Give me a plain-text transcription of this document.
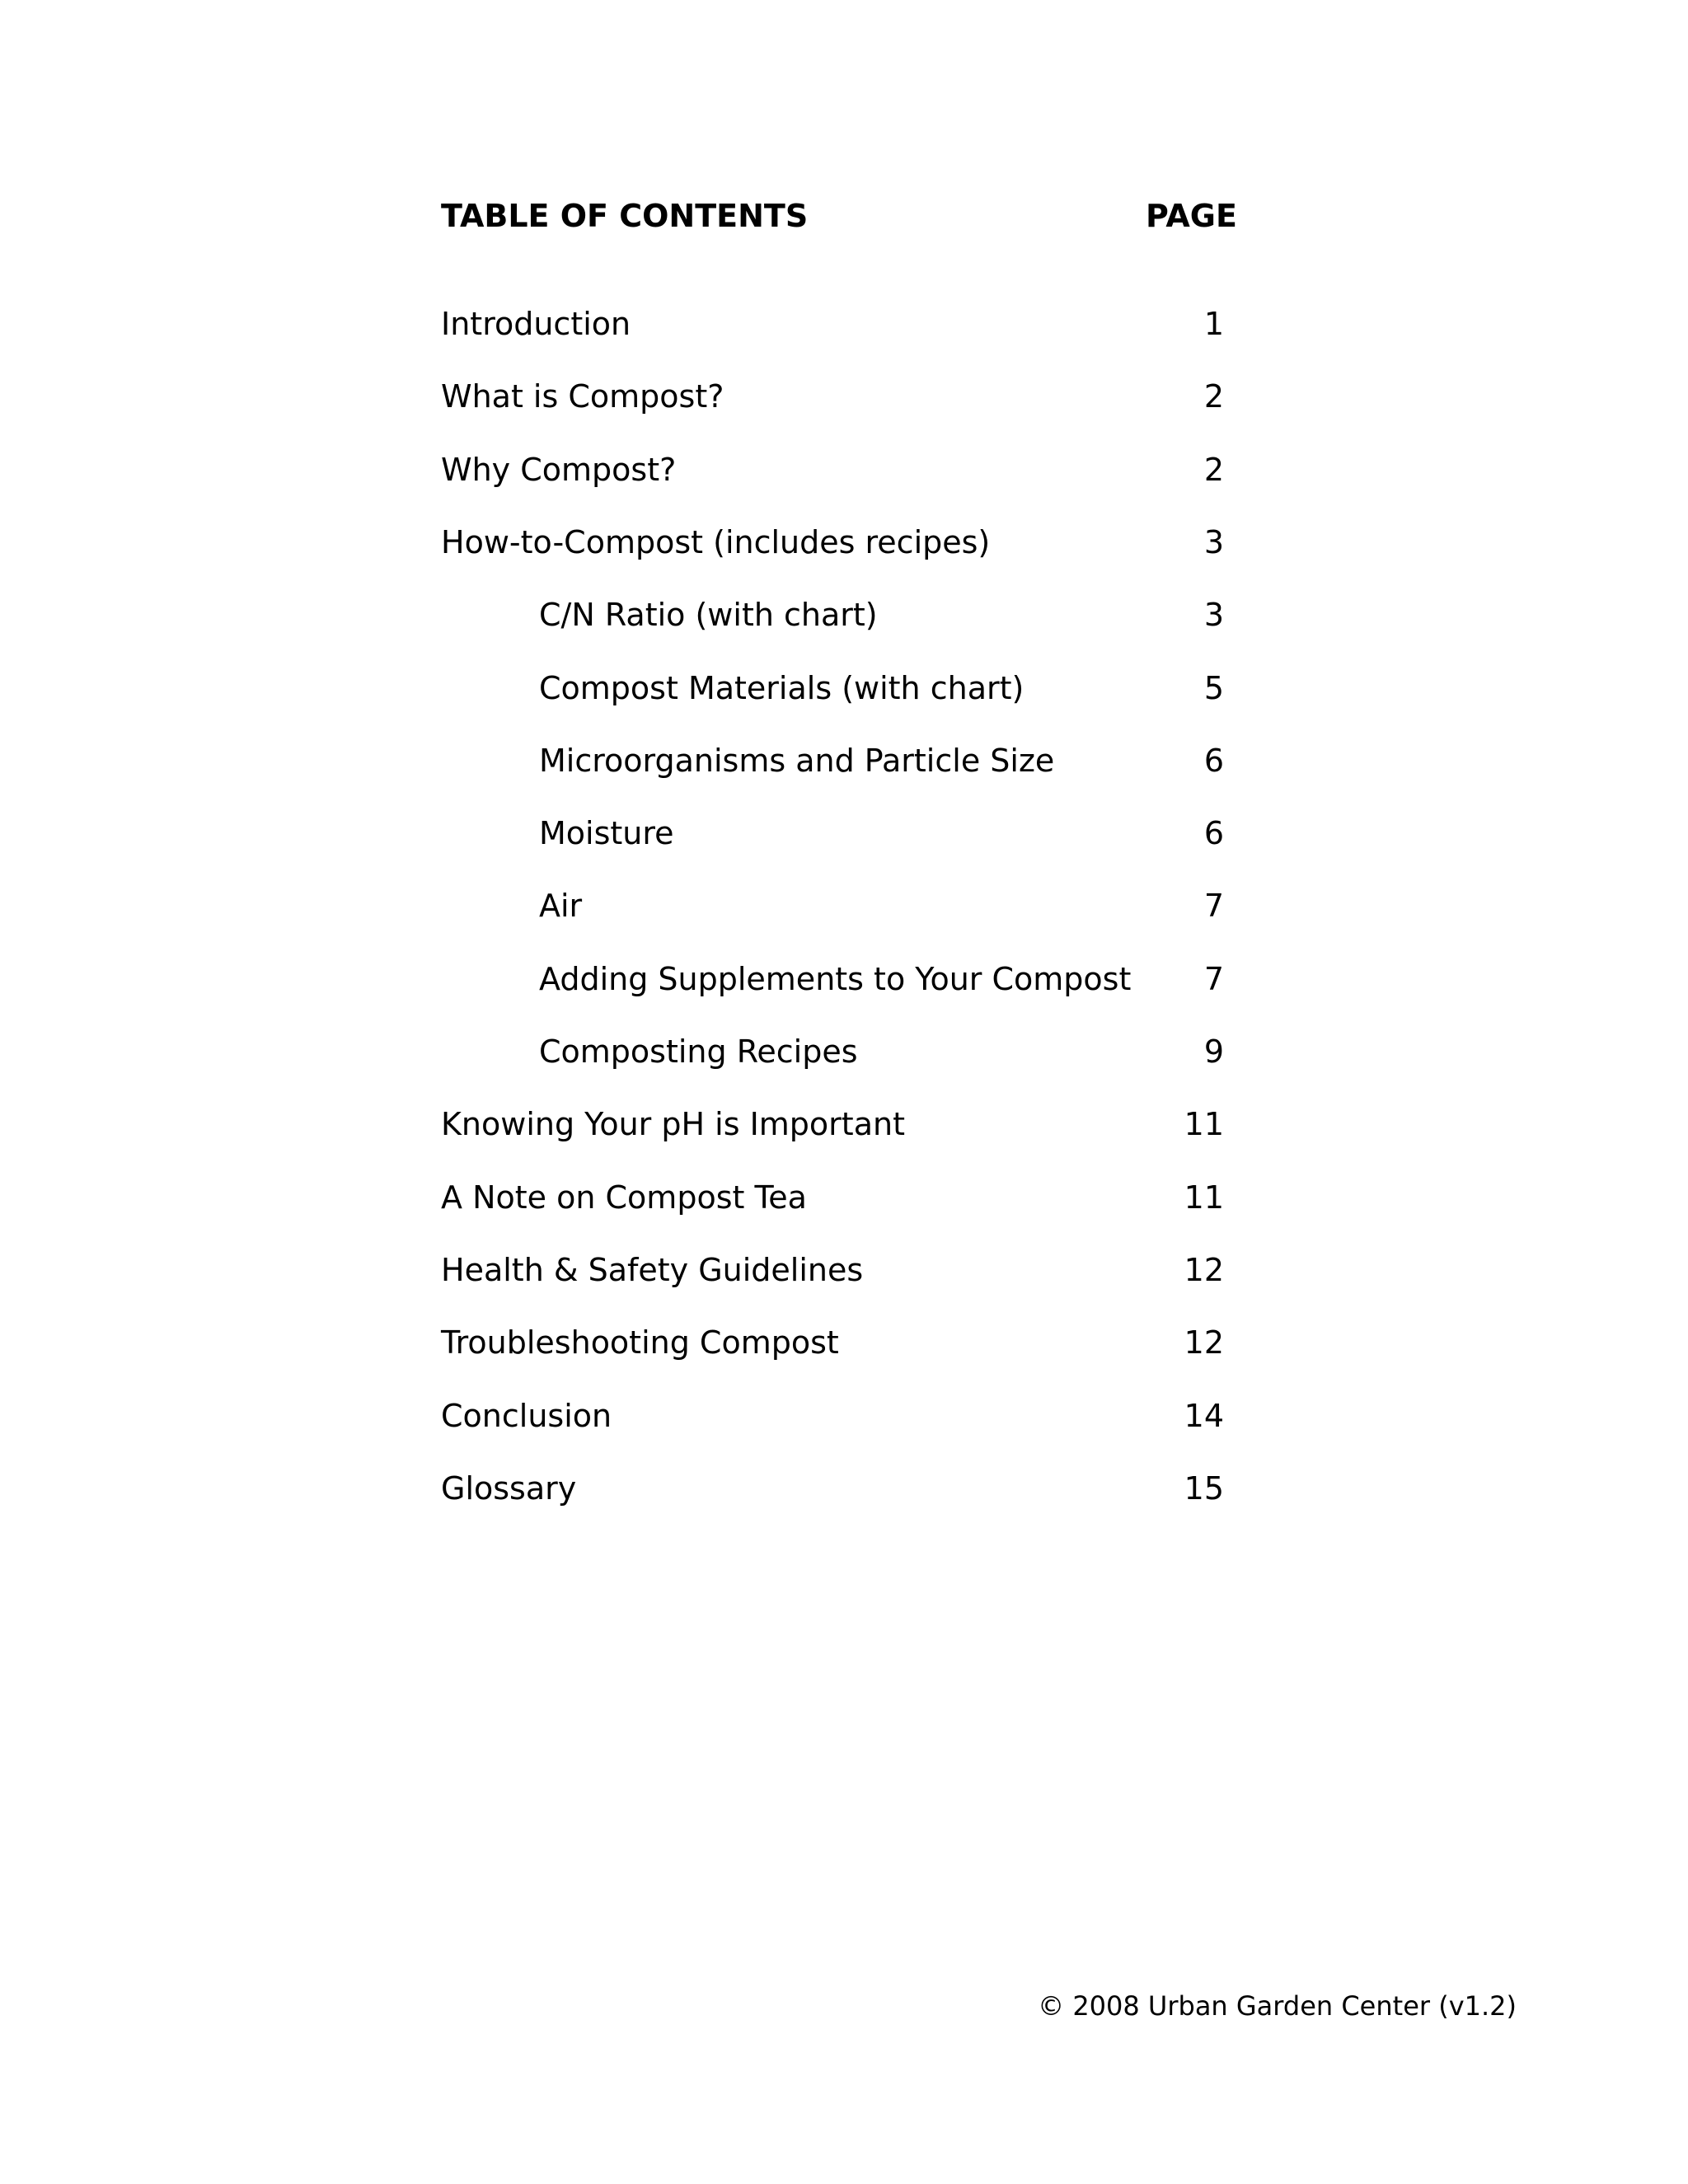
TABLE OF CONTENTS	PAGE
Introduction	1
What is Compost?	2
Why Compost?	2
How-to-Compost (includes recipes)	3
C/N Ratio (with chart)	3
Compost Materials (with chart)	5
Microorganisms and Particle Size	6
Moisture	6
Air	7
Adding Supplements to Your Compost 7
Composting Recipes	9
Knowing Your pH is Important	11
A Note on Compost Tea	11
Health & Safety Guidelines	12
Troubleshooting Compost	12
Conclusion	14
Glossary	15
© 2008 Urban Garden Center (v1.2)
